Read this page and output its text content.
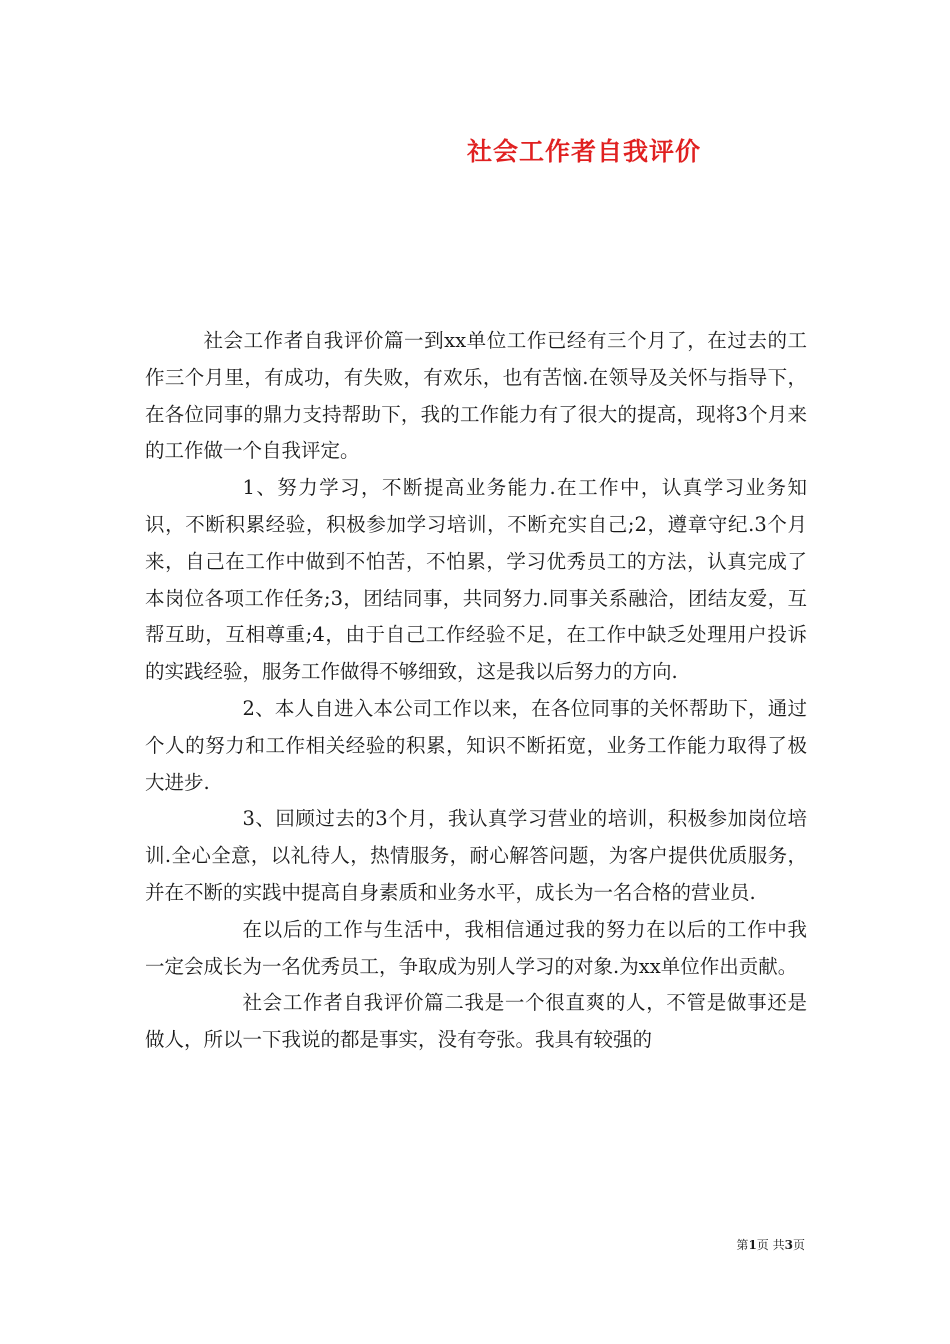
社会工作者自我评价

社会工作者自我评价篇一到xx单位工作已经有三个月了，在过去的工作三个月里，有成功，有失败，有欢乐，也有苦恼.在领导及关怀与指导下，在各位同事的鼎力支持帮助下，我的工作能力有了很大的提高，现将3个月来的工作做一个自我评定。

1、努力学习，不断提高业务能力.在工作中，认真学习业务知识，不断积累经验，积极参加学习培训，不断充实自己;2，遵章守纪.3个月来，自己在工作中做到不怕苦，不怕累，学习优秀员工的方法，认真完成了本岗位各项工作任务;3，团结同事，共同努力.同事关系融洽，团结友爱，互帮互助，互相尊重;4，由于自己工作经验不足，在工作中缺乏处理用户投诉的实践经验，服务工作做得不够细致，这是我以后努力的方向.

2、本人自进入本公司工作以来，在各位同事的关怀帮助下，通过个人的努力和工作相关经验的积累，知识不断拓宽，业务工作能力取得了极大进步.

3、回顾过去的3个月，我认真学习营业的培训，积极参加岗位培训.全心全意，以礼待人，热情服务，耐心解答问题，为客户提供优质服务，并在不断的实践中提高自身素质和业务水平，成长为一名合格的营业员.

在以后的工作与生活中，我相信通过我的努力在以后的工作中我一定会成长为一名优秀员工，争取成为别人学习的对象.为xx单位作出贡献。

社会工作者自我评价篇二我是一个很直爽的人，不管是做事还是做人，所以一下我说的都是事实，没有夸张。我具有较强的

第1页 共3页
